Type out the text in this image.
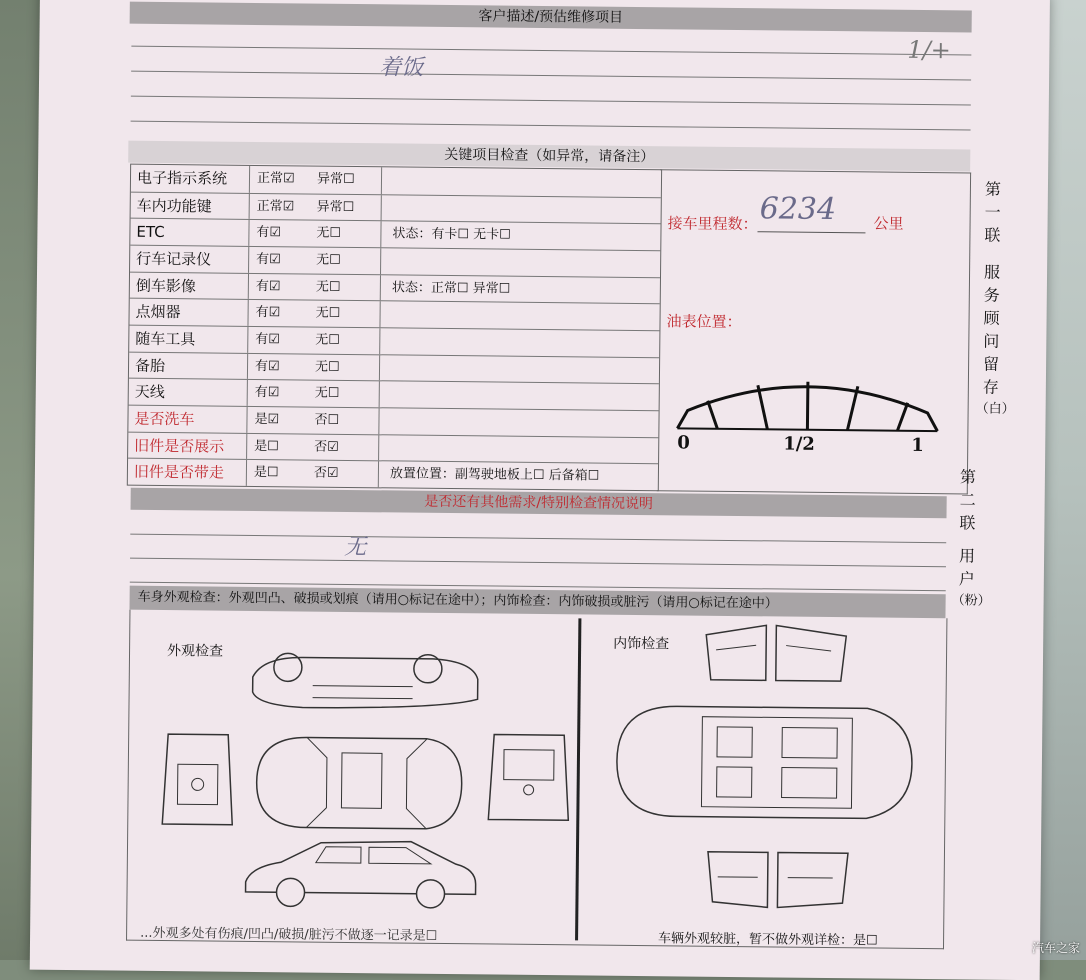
客户描述/预估维修项目
着饭
1/+
关键项目检查（如异常，请备注）
电子指示系统 正常☑ 异常☐
车内功能键	正常☑ 异常☐
ETC	有☑	无☐	状态：有卡☐ 无卡☐
行车记录仪	有☑	无☐
倒车影像	有☑	无☐	状态：正常☐ 异常☐
点烟器	有☑	无☐
随车工具	有☑	无☐
备胎	有☑	无☐
天线	有☑	无☐
是否洗车	是☑	否☐
旧件是否展示 是☐	否☑
旧件是否带走 是☐	否☑	放置位置：副驾驶地板上☐ 后备箱☐
接车里程数： 6234 公里
油表位置：
0	1/2	1
第
一
联
服
务
顾
问
留
存
（白）
第
二
联
用
户
（粉）
是否还有其他需求/特别检查情况说明
无
车身外观检查：外观凹凸、破损或划痕（请用○标记在途中）；内饰检查：内饰破损或脏污（请用○标记在途中）
外观检查	内饰检查
...外观多处有伤痕/凹凸/破损/脏污不做逐一记录是☐	车辆外观较脏，暂不做外观详检：是☐	汽车之家
